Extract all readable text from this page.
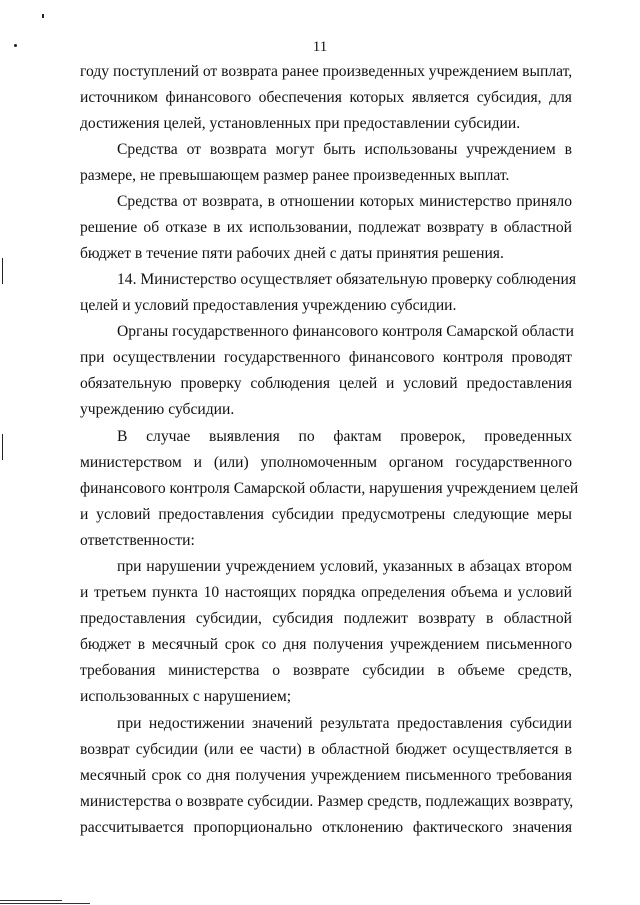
11
году поступлений от возврата ранее произведенных учреждением выплат,
источником финансового обеспечения которых является субсидия, для
достижения целей, установленных при предоставлении субсидии.
Средства от возврата могут быть использованы учреждением в
размере, не превышающем размер ранее произведенных выплат.
Средства от возврата, в отношении которых министерство приняло
решение об отказе в их использовании, подлежат возврату в областной
бюджет в течение пяти рабочих дней с даты принятия решения.
14. Министерство осуществляет обязательную проверку соблюдения
целей и условий предоставления учреждению субсидии.
Органы государственного финансового контроля Самарской области
при осуществлении государственного финансового контроля проводят
обязательную проверку соблюдения целей и условий предоставления
учреждению субсидии.
В случае выявления по фактам проверок, проведенных
министерством и (или) уполномоченным органом государственного
финансового контроля Самарской области, нарушения учреждением целей
и условий предоставления субсидии предусмотрены следующие меры
ответственности:
при нарушении учреждением условий, указанных в абзацах втором
и третьем пункта 10 настоящих порядка определения объема и условий
предоставления субсидии, субсидия подлежит возврату в областной
бюджет в месячный срок со дня получения учреждением письменного
требования министерства о возврате субсидии в объеме средств,
использованных с нарушением;
при недостижении значений результата предоставления субсидии
возврат субсидии (или ее части) в областной бюджет осуществляется в
месячный срок со дня получения учреждением письменного требования
министерства о возврате субсидии. Размер средств, подлежащих возврату,
рассчитывается пропорционально отклонению фактического значения
